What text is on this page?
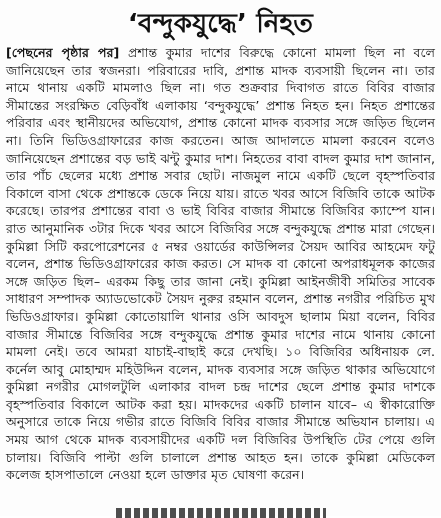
‘বন্দুকযুদ্ধে’ নিহত
[পেছনের পৃষ্ঠার পর] প্রশান্ত কুমার দাশের বিরুদ্ধে কোনো মামলা ছিল না বলে জানিয়েছেন তার স্বজনরা। পরিবারের দাবি, প্রশান্ত মাদক ব্যবসায়ী ছিলেন না। তার নামে থানায় একটি মামলাও ছিল না। গত শুক্রবার দিবাগত রাতে বিবির বাজার সীমান্তের সংরক্ষিত বেড়িবাঁধ এলাকায় ‘বন্দুকযুদ্ধে’ প্রশান্ত নিহত হন। নিহত প্রশান্তের পরিবার এবং স্থানীয়দের অভিযোগ, প্রশান্ত কোনো মাদক ব্যবসার সঙ্গে জড়িত ছিলেন না। তিনি ভিডিওগ্রাফারের কাজ করতেন। আজ আদালতে মামলা করবেন বলেও জানিয়েছেন প্রশান্তের বড় ভাই ঝন্টু কুমার দাশ। নিহতের বাবা বাদল কুমার দাশ জানান, তার পাঁচ ছেলের মধ্যে প্রশান্ত সবার ছোট। নাজমুল নামে একটি ছেলে বৃহস্পতিবার বিকালে বাসা থেকে প্রশান্তকে ডেকে নিয়ে যায়। রাতে খবর আসে বিজিবি তাকে আটক করেছে। তারপর প্রশান্তের বাবা ও ভাই বিবির বাজার সীমান্তে বিজিবির ক্যাম্পে যান। রাত আনুমানিক ৩টার দিকে খবর আসে বিজিবির সঙ্গে বন্দুকযুদ্ধে প্রশান্ত মারা গেছেন। কুমিল্লা সিটি করপোরেশনের ৫ নম্বর ওয়ার্ডের কাউন্সিলর সৈয়দ আবির আহমেদ ফটু বলেন, প্রশান্ত ভিডিওগ্রাফারের কাজ করত। সে মাদক বা কোনো অপরাধমূলক কাজের সঙ্গে জড়িত ছিল– এরকম কিছু তার জানা নেই। কুমিল্লা আইনজীবী সমিতির সাবেক সাধারণ সম্পাদক অ্যাডভোকেট সৈয়দ নুরুর রহমান বলেন, প্রশান্ত নগরীর পরিচিত মুখ ভিডিওগ্রাফার। কুমিল্লা কোতোয়ালি থানার ওসি আবদুস ছালাম মিয়া বলেন, বিবির বাজার সীমান্তে বিজিবির সঙ্গে বন্দুকযুদ্ধে প্রশান্ত কুমার দাশের নামে থানায় কোনো মামলা নেই। তবে আমরা যাচাই-বাছাই করে দেখছি। ১০ বিজিবির অধিনায়ক লে. কর্নেল আবু মোহাম্মদ মহিউদ্দিন বলেন, মাদক ব্যবসার সঙ্গে জড়িত থাকার অভিযোগে কুমিল্লা নগরীর মোগলটুলি এলাকার বাদল চন্দ্র দাশের ছেলে প্রশান্ত কুমার দাশকে বৃহস্পতিবার বিকালে আটক করা হয়। মাদকদের একটি চালান যাবে– এ স্বীকারোক্তি অনুসারে তাকে নিয়ে গভীর রাতে বিজিবি বিবির বাজার সীমান্তে অভিযান চালায়। এ সময় আগ থেকে মাদক ব্যবসায়ীদের একটি দল বিজিবির উপস্থিতি টের পেয়ে গুলি চালায়। বিজিবি পাল্টা গুলি চালালে প্রশান্ত আহত হন। তাকে কুমিল্লা মেডিকেল কলেজ হাসপাতালে নেওয়া হলে ডাক্তার মৃত ঘোষণা করেন।
